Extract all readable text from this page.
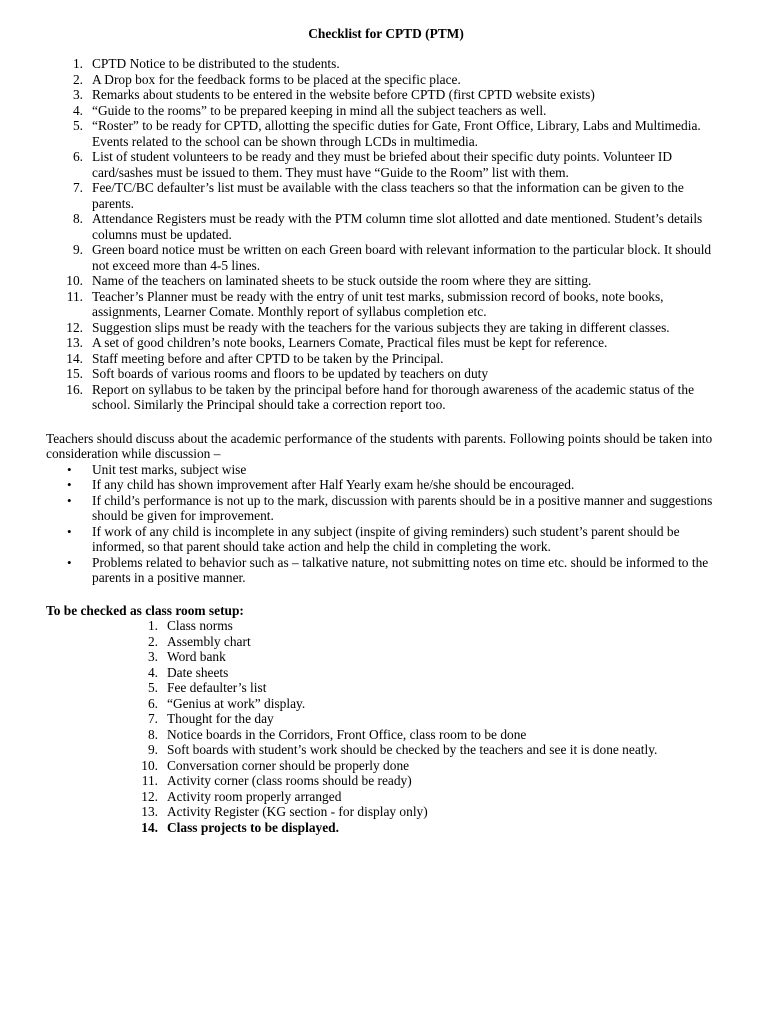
Checklist for CPTD (PTM)
1. CPTD Notice to be distributed to the students.
2. A Drop box for the feedback forms to be placed at the specific place.
3. Remarks about students to be entered in the website before CPTD (first CPTD website exists)
4. “Guide to the rooms” to be prepared keeping in mind all the subject teachers as well.
5. “Roster” to be ready for CPTD, allotting the specific duties for Gate, Front Office, Library, Labs and Multimedia. Events related to the school can be shown through LCDs in multimedia.
6. List of student volunteers to be ready and they must be briefed about their specific duty points. Volunteer ID card/sashes must be issued to them. They must have “Guide to the Room” list with them.
7. Fee/TC/BC defaulter’s list must be available with the class teachers so that the information can be given to the parents.
8. Attendance Registers must be ready with the PTM column time slot allotted and date mentioned. Student’s details columns must be updated.
9. Green board notice must be written on each Green board with relevant information to the particular block. It should not exceed more than 4-5 lines.
10. Name of the teachers on laminated sheets to be stuck outside the room where they are sitting.
11. Teacher’s Planner must be ready with the entry of unit test marks, submission record of books, note books, assignments, Learner Comate. Monthly report of syllabus completion etc.
12. Suggestion slips must be ready with the teachers for the various subjects they are taking in different classes.
13. A set of good children’s note books, Learners Comate, Practical files must be kept for reference.
14. Staff meeting before and after CPTD to be taken by the Principal.
15. Soft boards of various rooms and floors to be updated by teachers on duty
16. Report on syllabus to be taken by the principal before hand for thorough awareness of the academic status of the school. Similarly the Principal should take a correction report too.
Teachers should discuss about the academic performance of the students with parents. Following points should be taken into consideration while discussion –
• Unit test marks, subject wise
• If any child has shown improvement after Half Yearly exam he/she should be encouraged.
• If child’s performance is not up to the mark, discussion with parents should be in a positive manner and suggestions should be given for improvement.
• If work of any child is incomplete in any subject (inspite of giving reminders) such student’s parent should be informed, so that parent should take action and help the child in completing the work.
• Problems related to behavior such as – talkative nature, not submitting notes on time etc. should be informed to the parents in a positive manner.
To be checked as class room setup:
1. Class norms
2. Assembly chart
3. Word bank
4. Date sheets
5. Fee defaulter’s list
6. “Genius at work” display.
7. Thought for the day
8. Notice boards in the Corridors, Front Office, class room to be done
9. Soft boards with student’s work should be checked by the teachers and see it is done neatly.
10. Conversation corner should be properly done
11. Activity corner (class rooms should be ready)
12. Activity room properly arranged
13. Activity Register (KG section - for display only)
14. Class projects to be displayed.
